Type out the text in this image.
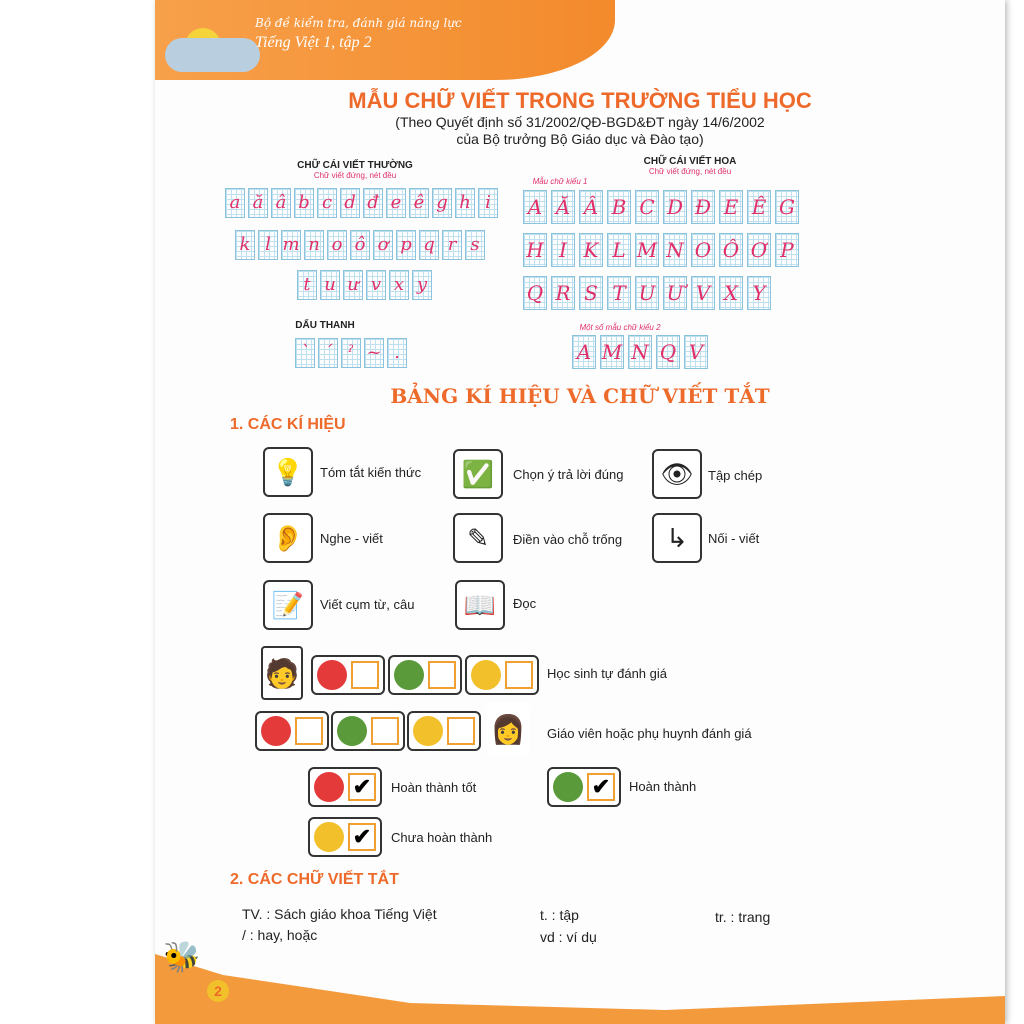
Bộ đề kiểm tra, đánh giá năng lực
Tiếng Việt 1, tập 2
MẪU CHỮ VIẾT TRONG TRƯỜNG TIỂU HỌC
(Theo Quyết định số 31/2002/QĐ-BGD&ĐT ngày 14/6/2002
của Bộ trưởng Bộ Giáo dục và Đào tạo)
CHỮ CÁI VIẾT THƯỜNG
Chữ viết đứng, nét đều
a ă â b c d đ e ê g h i
k l m n o ô ơ p q r s
t u ư v x y
DẤU THANH
` ´ ˀ ~ .
CHỮ CÁI VIẾT HOA
Chữ viết đứng, nét đều
Mẫu chữ kiểu 1
A Ă Â B C D Đ E Ê G
H I K L M N O Ô Ơ P
Q R S T U Ư V X Y
Một số mẫu chữ kiểu 2
A M N Q V
BẢNG KÍ HIỆU VÀ CHỮ VIẾT TẮT
1. CÁC KÍ HIỆU
💡	Tóm tắt kiến thức	✅	Chọn ý trả lời đúng	👁	Tập chép
👂	Nghe - viết	✎	Điền vào chỗ trống	↳	Nối - viết
📝	Viết cụm từ, câu	📖	Đọc
🧑	Học sinh tự đánh giá
👩 Giáo viên hoặc phụ huynh đánh giá
✔	Hoàn thành tốt	✔	Hoàn thành
✔	Chưa hoàn thành
2. CÁC CHỮ VIẾT TẮT
TV. : Sách giáo khoa Tiếng Việt
/ : hay, hoặc
t. : tập
vd : ví dụ
tr. : trang
🐝
2
